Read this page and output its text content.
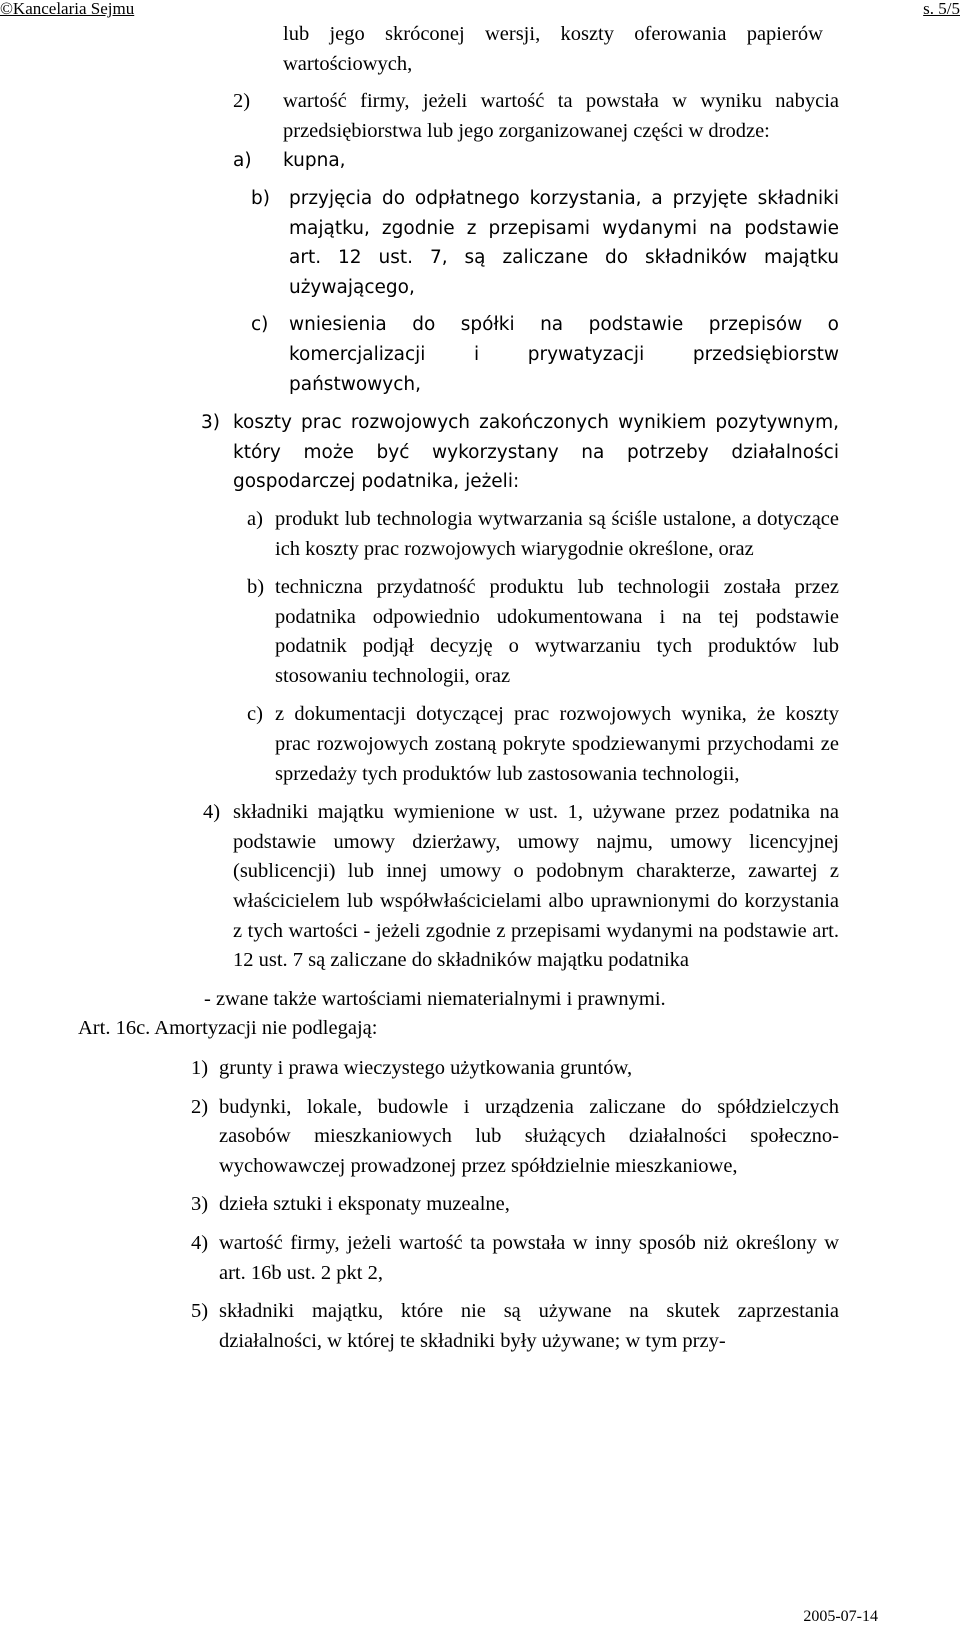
©Kancelaria Sejmu	s. 5/5

lub jego skróconej wersji, koszty oferowania papierów wartościowych,

2) wartość firmy, jeżeli wartość ta powstała w wyniku nabycia przedsiębiorstwa lub jego zorganizowanej części w drodze:
a) kupna,
b) przyjęcia do odpłatnego korzystania, a przyjęte składniki majątku, zgodnie z przepisami wydanymi na podstawie art. 12 ust. 7, są zaliczane do składników majątku używającego,
c) wniesienia do spółki na podstawie przepisów o komercjalizacji i prywatyzacji przedsiębiorstw państwowych,
3) koszty prac rozwojowych zakończonych wynikiem pozytywnym, który może być wykorzystany na potrzeby działalności gospodarczej podatnika, jeżeli:
a) produkt lub technologia wytwarzania są ściśle ustalone, a dotyczące ich koszty prac rozwojowych wiarygodnie określone, oraz
b) techniczna przydatność produktu lub technologii została przez podatnika odpowiednio udokumentowana i na tej podstawie podatnik podjął decyzję o wytwarzaniu tych produktów lub stosowaniu technologii, oraz
c) z dokumentacji dotyczącej prac rozwojowych wynika, że koszty prac rozwojowych zostaną pokryte spodziewanymi przychodami ze sprzedaży tych produktów lub zastosowania technologii,
4) składniki majątku wymienione w ust. 1, używane przez podatnika na podstawie umowy dzierżawy, umowy najmu, umowy licencyjnej (sublicencji) lub innej umowy o podobnym charakterze, zawartej z właścicielem lub współwłaścicielami albo uprawnionymi do korzystania z tych wartości - jeżeli zgodnie z przepisami wydanymi na podstawie art. 12 ust. 7 są zaliczane do składników majątku podatnika

- zwane także wartościami niematerialnymi i prawnymi.

Art. 16c. Amortyzacji nie podlegają:

1) grunty i prawa wieczystego użytkowania gruntów,
2) budynki, lokale, budowle i urządzenia zaliczane do spółdzielczych zasobów mieszkaniowych lub służących działalności społeczno-wychowawczej prowadzonej przez spółdzielnie mieszkaniowe,
3) dzieła sztuki i eksponaty muzealne,
4) wartość firmy, jeżeli wartość ta powstała w inny sposób niż określony w art. 16b ust. 2 pkt 2,
5) składniki majątku, które nie są używane na skutek zaprzestania działalności, w której te składniki były używane; w tym przy-
2005-07-14
